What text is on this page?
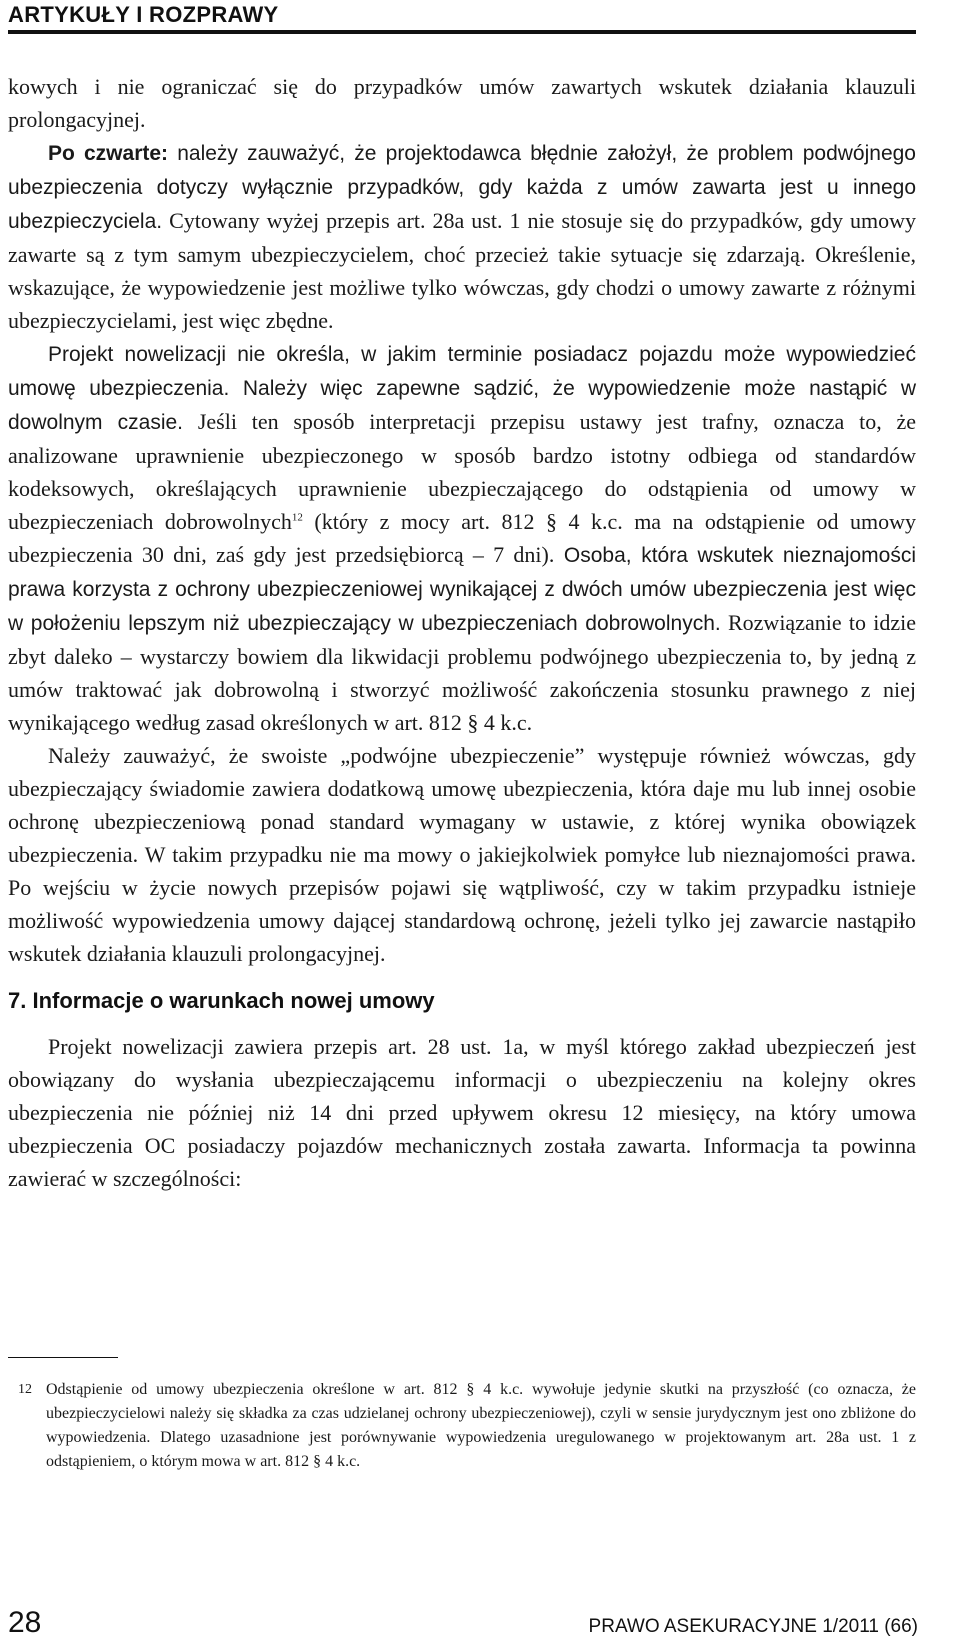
ARTYKUŁY I ROZPRAWY

kowych i nie ograniczać się do przypadków umów zawartych wskutek działania klauzuli prolongacyjnej.

Po czwarte: należy zauważyć, że projektodawca błędnie założył, że problem podwójnego ubezpieczenia dotyczy wyłącznie przypadków, gdy każda z umów zawarta jest u innego ubezpieczyciela. Cytowany wyżej przepis art. 28a ust. 1 nie stosuje się do przypadków, gdy umowy zawarte są z tym samym ubezpieczycielem, choć przecież takie sytuacje się zdarzają. Określenie, wskazujące, że wypowiedzenie jest możliwe tylko wówczas, gdy chodzi o umowy zawarte z różnymi ubezpieczycielami, jest więc zbędne.

Projekt nowelizacji nie określa, w jakim terminie posiadacz pojazdu może wypowiedzieć umowę ubezpieczenia. Należy więc zapewne sądzić, że wypowiedzenie może nastąpić w dowolnym czasie. Jeśli ten sposób interpretacji przepisu ustawy jest trafny, oznacza to, że analizowane uprawnienie ubezpieczonego w sposób bardzo istotny odbiega od standardów kodeksowych, określających uprawnienie ubezpieczającego do odstąpienia od umowy w ubezpieczeniach dobrowolnych$^{12}$ (który z mocy art. 812 § 4 k.c. ma na odstąpienie od umowy ubezpieczenia 30 dni, zaś gdy jest przedsiębiorcą – 7 dni). Osoba, która wskutek nieznajomości prawa korzysta z ochrony ubezpieczeniowej wynikającej z dwóch umów ubezpieczenia jest więc w położeniu lepszym niż ubezpieczający w ubezpieczeniach dobrowolnych. Rozwiązanie to idzie zbyt daleko – wystarczy bowiem dla likwidacji problemu podwójnego ubezpieczenia to, by jedną z umów traktować jak dobrowolną i stworzyć możliwość zakończenia stosunku prawnego z niej wynikającego według zasad określonych w art. 812 § 4 k.c.

Należy zauważyć, że swoiste „podwójne ubezpieczenie” występuje również wówczas, gdy ubezpieczający świadomie zawiera dodatkową umowę ubezpieczenia, która daje mu lub innej osobie ochronę ubezpieczeniową ponad standard wymagany w ustawie, z której wynika obowiązek ubezpieczenia. W takim przypadku nie ma mowy o jakiejkolwiek pomyłce lub nieznajomości prawa. Po wejściu w życie nowych przepisów pojawi się wątpliwość, czy w takim przypadku istnieje możliwość wypowiedzenia umowy dającej standardową ochronę, jeżeli tylko jej zawarcie nastąpiło wskutek działania klauzuli prolongacyjnej.

7. Informacje o warunkach nowej umowy

Projekt nowelizacji zawiera przepis art. 28 ust. 1a, w myśl którego zakład ubezpieczeń jest obowiązany do wysłania ubezpieczającemu informacji o ubezpieczeniu na kolejny okres ubezpieczenia nie później niż 14 dni przed upływem okresu 12 miesięcy, na który umowa ubezpieczenia OC posiadaczy pojazdów mechanicznych została zawarta. Informacja ta powinna zawierać w szczególności:

12 Odstąpienie od umowy ubezpieczenia określone w art. 812 § 4 k.c. wywołuje jedynie skutki na przyszłość (co oznacza, że ubezpieczycielowi należy się składka za czas udzielanej ochrony ubezpieczeniowej), czyli w sensie jurydycznym jest ono zbliżone do wypowiedzenia. Dlatego uzasadnione jest porównywanie wypowiedzenia uregulowanego w projektowanym art. 28a ust. 1 z odstąpieniem, o którym mowa w art. 812 § 4 k.c.
28	PRAWO ASEKURACYJNE 1/2011 (66)
